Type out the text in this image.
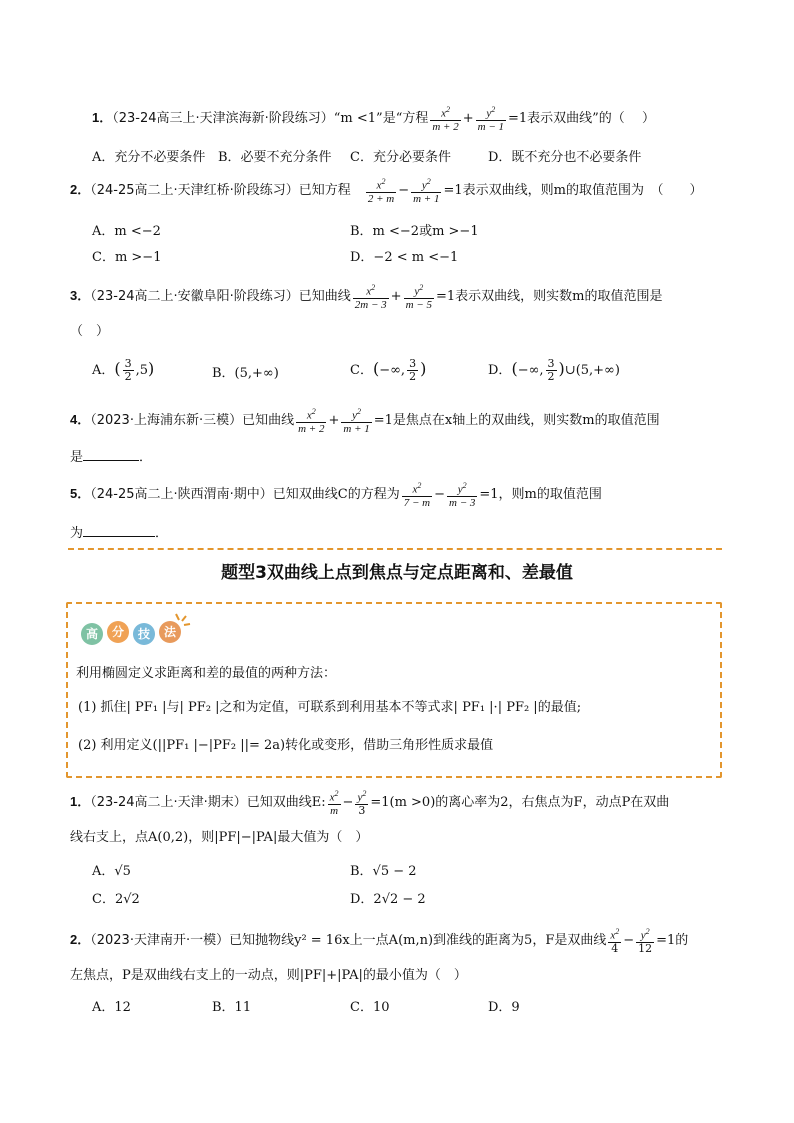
1．（23-24高三上·天津滨海新·阶段练习）“m <1”是“方程 $\frac{x^2}{m + 2} + \frac{y^2}{m - 1} =1$表示双曲线”的（　 ）
A．充分不必要条件 B．必要不充分条件 C．充分必要条件	D．既不充分也不必要条件
2．（24-25高二上·天津红桥·阶段练习）已知方程　 $\frac{x^2}{2 + m} - \frac{y^2}{m + 1} =1$表示双曲线，则m的取值范围为　（　　）
A．m <−2	B．m <−2或m >−1
C．m >−1	D．−2 < m <−1
3．（23-24高二上·安徽阜阳·阶段练习）已知曲线 $\frac{x^2}{2m - 3} + \frac{y^2}{m - 5} =1$表示双曲线，则实数m的取值范围是
（　）
A．( $\frac{3}{2} ,5$)	B．(5,+∞)	C．(−∞, $\frac{3}{2}$ )	D．(−∞, $\frac{3}{2}$ )∪(5,+∞)
4．（2023·上海浦东新·三模）已知曲线 $\frac{x^2}{m + 2} + \frac{y^2}{m + 1} =1$是焦点在x轴上的双曲线，则实数m的取值范围
是	．
5．（24-25高二上·陕西渭南·期中）已知双曲线C的方程为 $\frac{x^2}{7 - m} - \frac{y^2}{m - 3} =1$，则m的取值范围
为	．
题型3双曲线上点到焦点与定点距离和、差最值
高 分 技 法
利用椭圆定义求距离和差的最值的两种方法：
(1) 抓住| PF₁ |与| PF₂ |之和为定值，可联系到利用基本不等式求| PF₁ |·| PF₂ |的最值;
(2) 利用定义(||PF₁ |−|PF₂ ||= 2a)转化或变形，借助三角形性质求最值
1．（23-24高二上·天津·期末）已知双曲线E: $\frac{x^2}{m} - \frac{y^2}{3} =1(m >0)$的离心率为2，右焦点为F，动点P在双曲
线右支上，点A(0,2)，则|PF|−|PA|最大值为（　）
A．√5	B．√5 − 2
C．2√2	D．2√2 − 2
2．（2023·天津南开·一模）已知抛物线y² = 16x上一点A(m,n)到准线的距离为5，F是双曲线 $\frac{x^2}{4} - \frac{y^2}{12} =1$的
左焦点，P是双曲线右支上的一动点，则|PF|+|PA|的最小值为（　）
A．12	B．11	C．10	D．9
